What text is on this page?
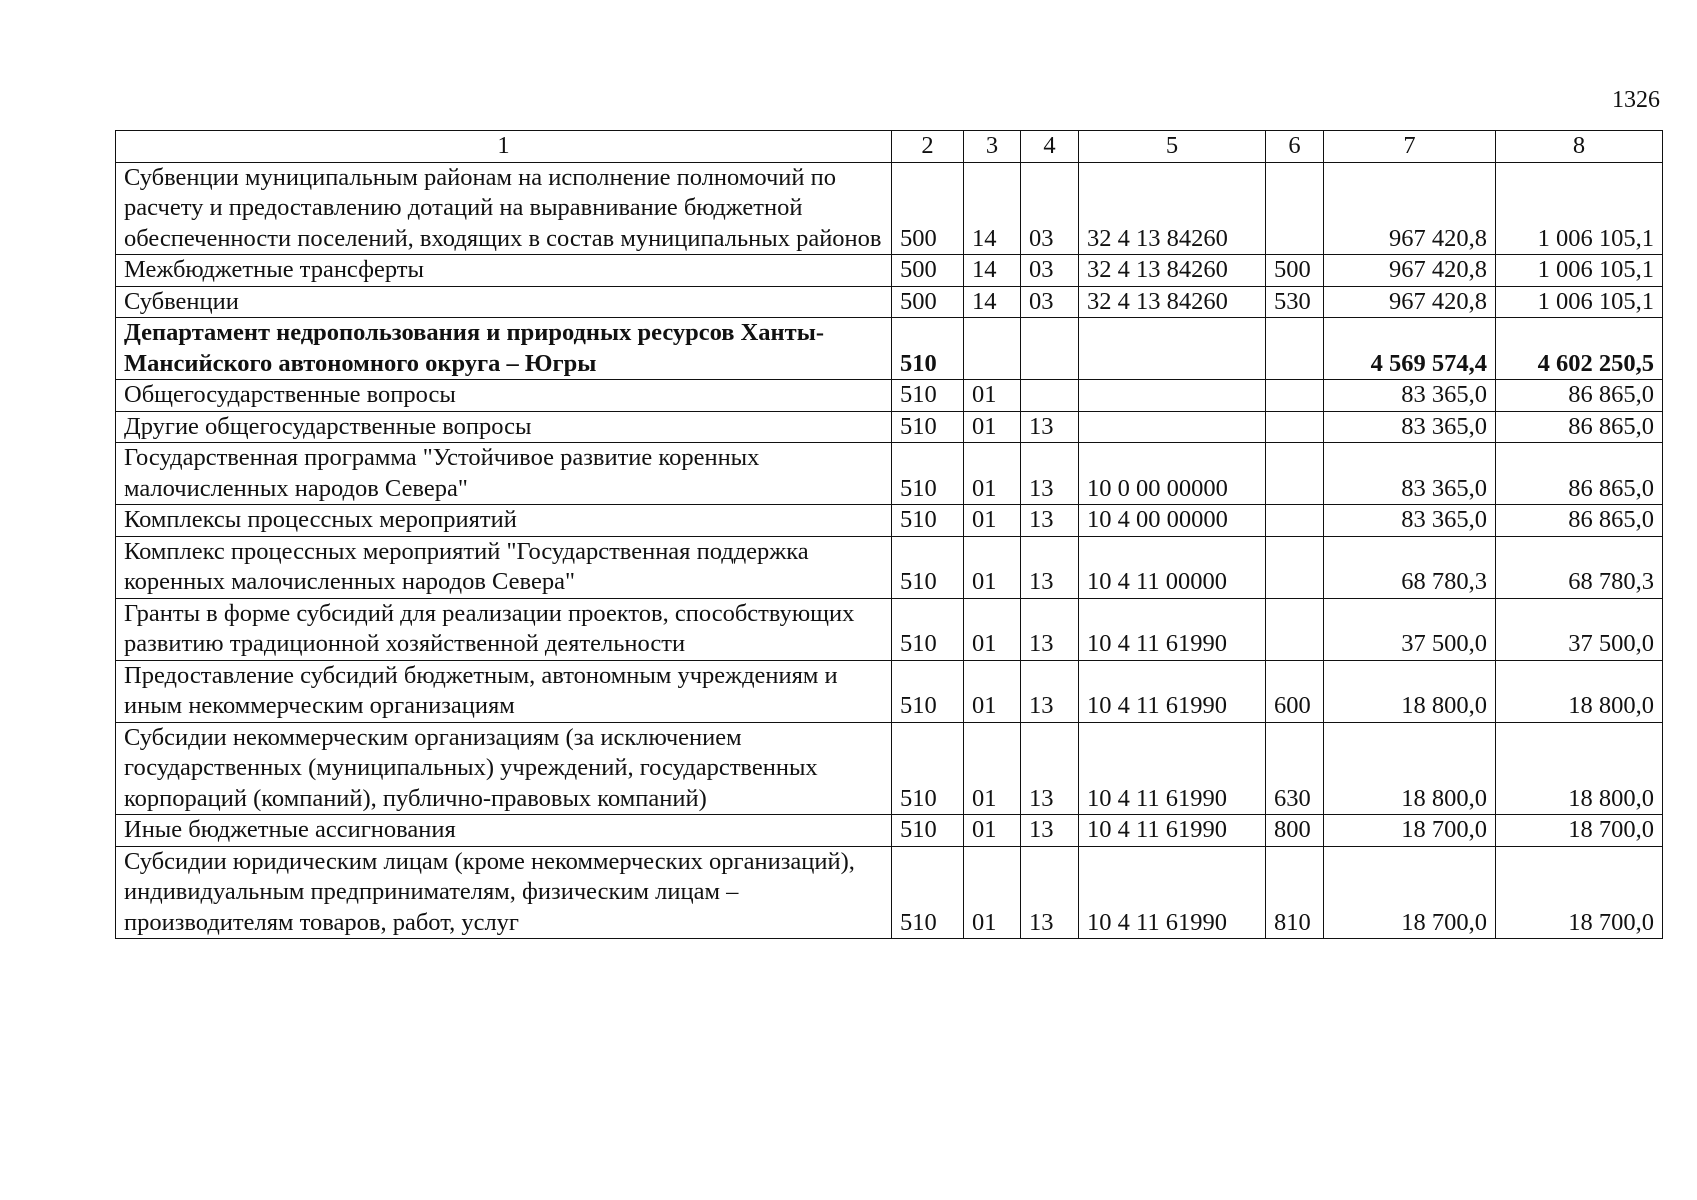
1326
1	2	3	4	5	6	7	8
Субвенции муниципальным районам на исполнение полномочий по расчету и предоставлению дотаций на выравнивание бюджетной обеспеченности поселений, входящих в состав муниципальных районов	500	14	03	32 4 13 84260		967 420,8	1 006 105,1
Межбюджетные трансферты	500	14	03	32 4 13 84260	500	967 420,8	1 006 105,1
Субвенции	500	14	03	32 4 13 84260	530	967 420,8	1 006 105,1
Департамент недропользования и природных ресурсов Ханты-Мансийского автономного округа – Югры	510					4 569 574,4	4 602 250,5
Общегосударственные вопросы	510	01				83 365,0	86 865,0
Другие общегосударственные вопросы	510	01	13			83 365,0	86 865,0
Государственная программа "Устойчивое развитие коренных малочисленных народов Севера"	510	01	13	10 0 00 00000		83 365,0	86 865,0
Комплексы процессных мероприятий	510	01	13	10 4 00 00000		83 365,0	86 865,0
Комплекс процессных мероприятий "Государственная поддержка коренных малочисленных народов Севера"	510	01	13	10 4 11 00000		68 780,3	68 780,3
Гранты в форме субсидий для реализации проектов, способствующих развитию традиционной хозяйственной деятельности	510	01	13	10 4 11 61990		37 500,0	37 500,0
Предоставление субсидий бюджетным, автономным учреждениям и иным некоммерческим организациям	510	01	13	10 4 11 61990	600	18 800,0	18 800,0
Субсидии некоммерческим организациям (за исключением государственных (муниципальных) учреждений, государственных корпораций (компаний), публично-правовых компаний)	510	01	13	10 4 11 61990	630	18 800,0	18 800,0
Иные бюджетные ассигнования	510	01	13	10 4 11 61990	800	18 700,0	18 700,0
Субсидии юридическим лицам (кроме некоммерческих организаций), индивидуальным предпринимателям, физическим лицам – производителям товаров, работ, услуг	510	01	13	10 4 11 61990	810	18 700,0	18 700,0
